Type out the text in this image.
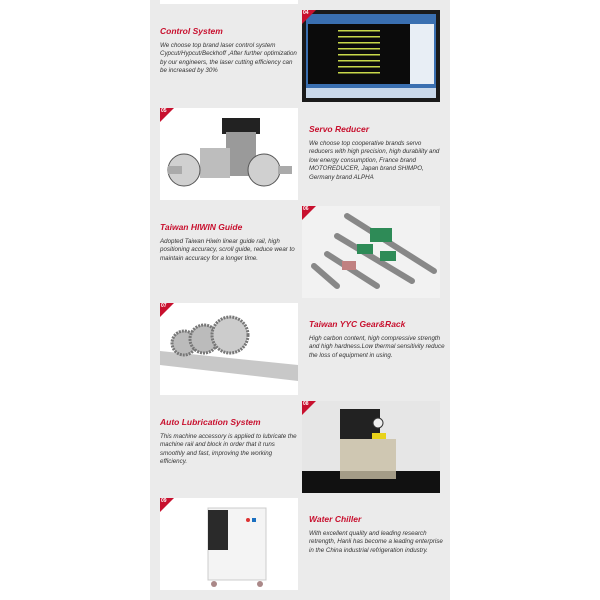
Control System

We choose top brand laser control system Cypcut/Hypcut/Beckhoff ,After further optimization by our engineers, the laser cutting efficiency can be increased by 30%

04
05

Servo Reducer

We choose top cooperative brands servo reducers with high precision, high durability and low energy consumption, France brand MOTOREDUCER, Japan brand SHIMPO, Germany brand ALPHA

Taiwan HIWIN Guide

Adopted Taiwan Hiwin linear guide rail, high positioning accuracy, scroll guide, reduce wear to maintain accuracy for a longer time.

06
07

Taiwan YYC Gear&Rack

High carbon content, high compressive strength and high hardness.Low thermal sensitivity reduce the loss of equipment in using.

Auto Lubrication System

This machine accessory is applied to lubricate the machine rail and block in order that it runs smoothly and fast, improving the working efficiency.

08
09

Water Chiller

With excellent quality and leading research retrength, Hanli has become a leading enterprise in the China industrial refrigeration industry.
